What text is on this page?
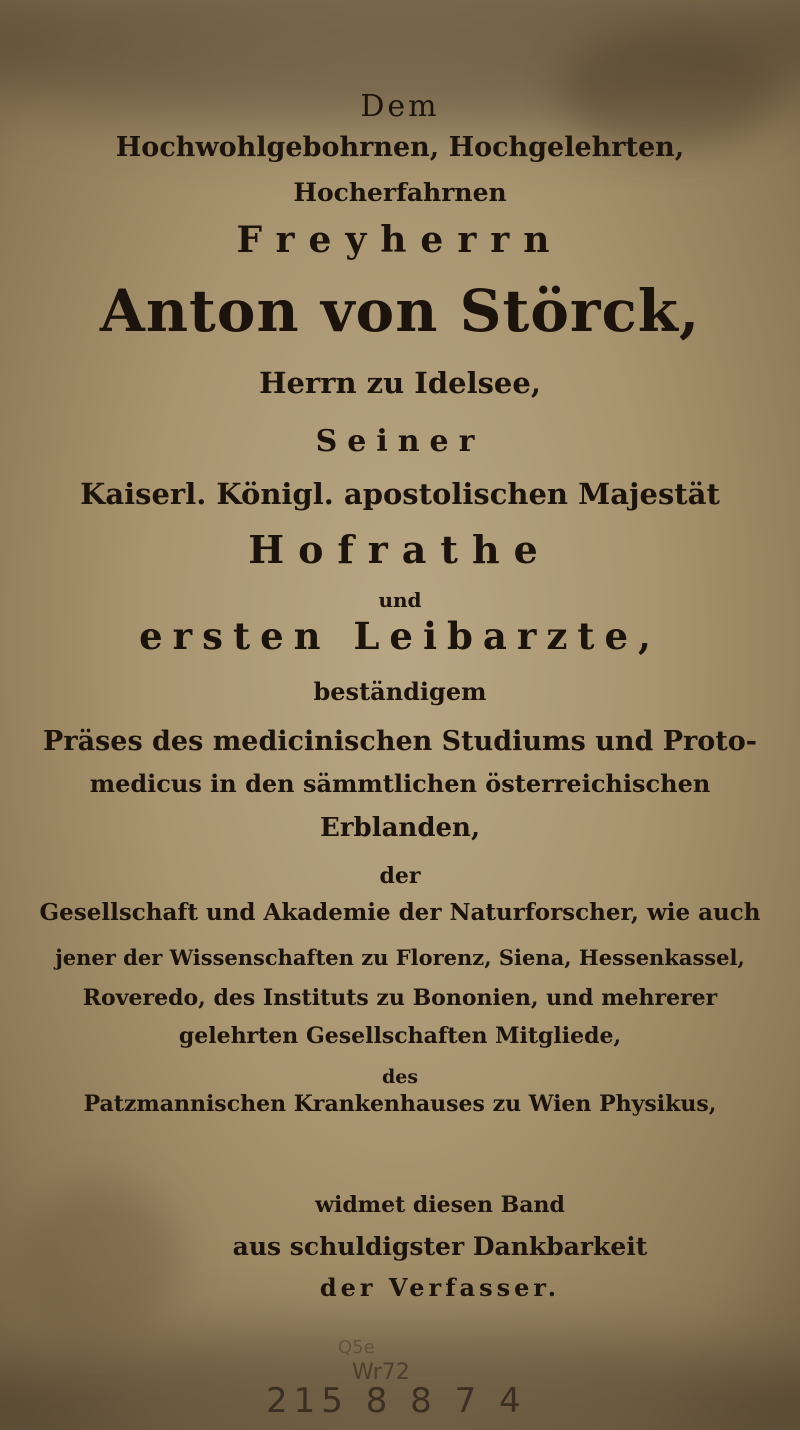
Dem

Hochwohlgebohrnen, Hochgelehrten,

Hocherfahrnen

Freyherrn

Anton von Störck,

Herrn zu Idelsee,

Seiner

Kaiserl. Königl. apostolischen Majestät

Hofrathe

und

ersten Leibarzte,

beständigem

Präses des medicinischen Studiums und Proto-

medicus in den sämmtlichen österreichischen

Erblanden,

der

Gesellschaft und Akademie der Naturforscher, wie auch

jener der Wissenschaften zu Florenz, Siena, Hessenkassel,

Roveredo, des Instituts zu Bononien, und mehrerer

gelehrten Gesellschaften Mitgliede,

des

Patzmannischen Krankenhauses zu Wien Physikus,

widmet diesen Band

aus schuldigster Dankbarkeit

der Verfasser.

Q5e
Wr72
215 8 8 7 4
